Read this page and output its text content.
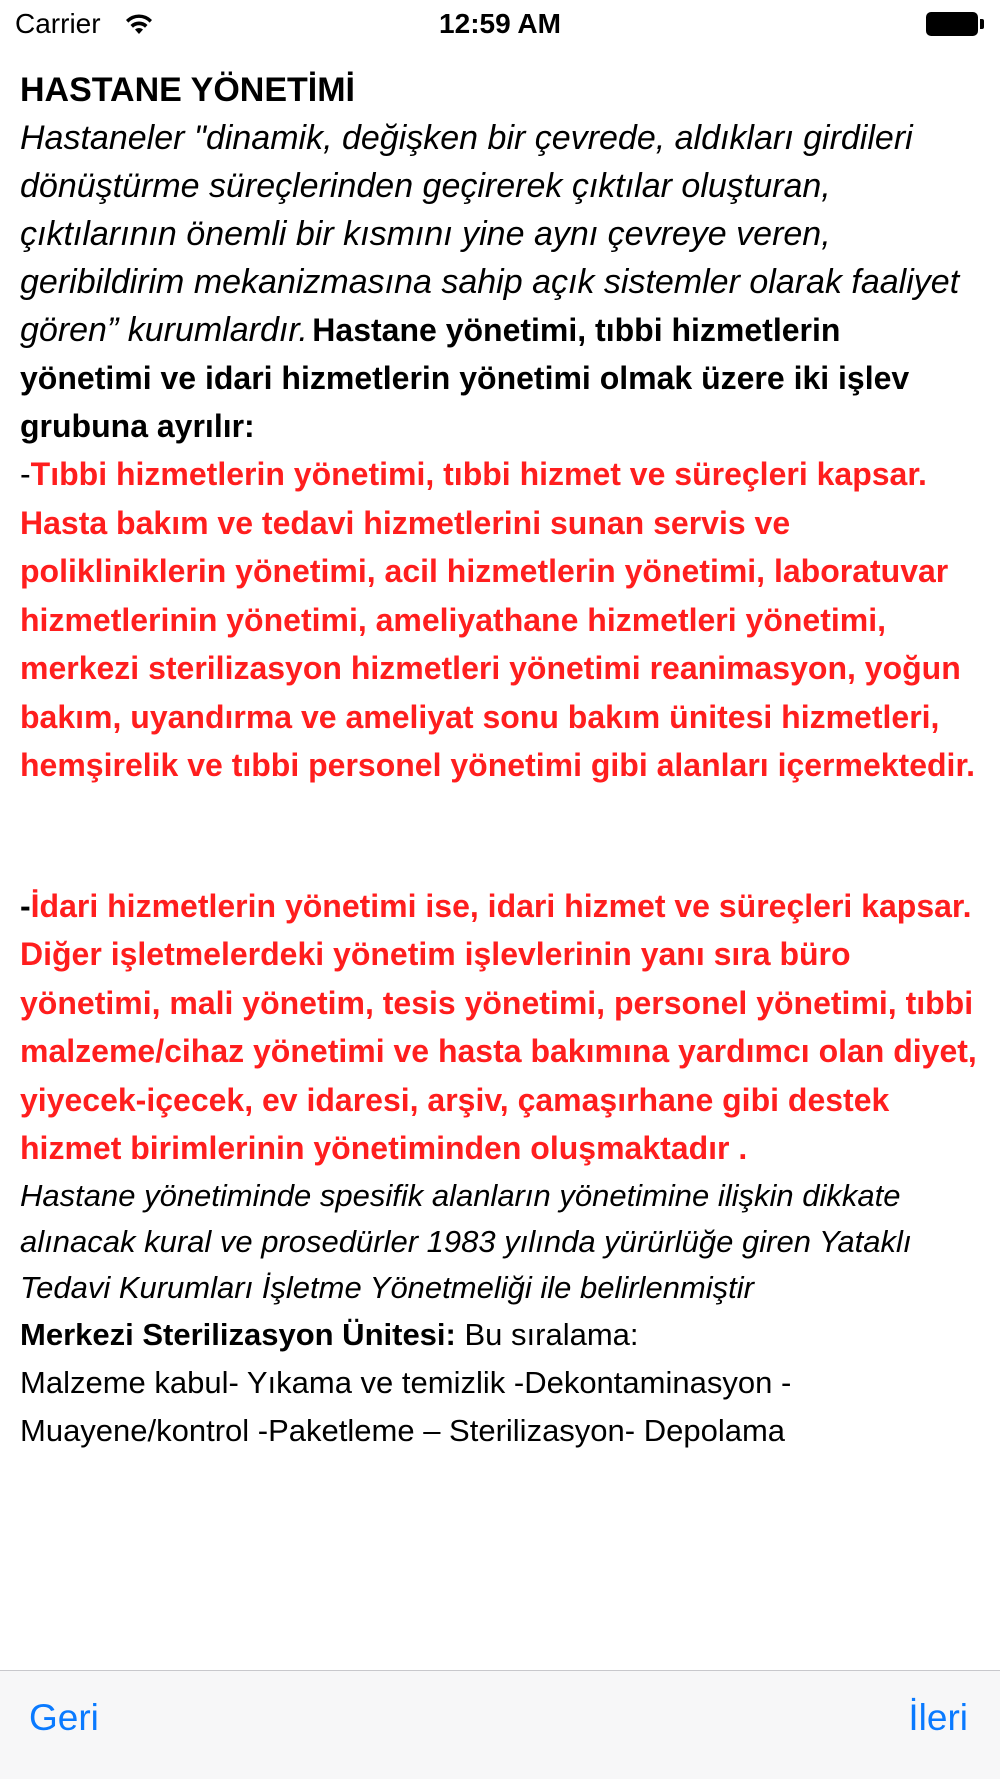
Carrier	12:59 AM

HASTANE YÖNETİMİ

Hastaneler "dinamik, değişken bir çevrede, aldıkları girdileri dönüştürme süreçlerinden geçirerek çıktılar oluşturan, çıktılarının önemli bir kısmını yine aynı çevreye veren, geribildirim mekanizmasına sahip açık sistemler olarak faaliyet gören” kurumlardır. Hastane yönetimi, tıbbi hizmetlerin yönetimi ve idari hizmetlerin yönetimi olmak üzere iki işlev grubuna ayrılır:

-Tıbbi hizmetlerin yönetimi, tıbbi hizmet ve süreçleri kapsar. Hasta bakım ve tedavi hizmetlerini sunan servis ve polikliniklerin yönetimi, acil hizmetlerin yönetimi, laboratuvar hizmetlerinin yönetimi, ameliyathane hizmetleri yönetimi, merkezi sterilizasyon hizmetleri yönetimi reanimasyon, yoğun bakım, uyandırma ve ameliyat sonu bakım ünitesi hizmetleri, hemşirelik ve tıbbi personel yönetimi gibi alanları içermektedir.

-İdari hizmetlerin yönetimi ise, idari hizmet ve süreçleri kapsar. Diğer işletmelerdeki yönetim işlevlerinin yanı sıra büro yönetimi, mali yönetim, tesis yönetimi, personel yönetimi, tıbbi malzeme/cihaz yönetimi ve hasta bakımına yardımcı olan diyet, yiyecek-içecek, ev idaresi, arşiv, çamaşırhane gibi destek hizmet birimlerinin yönetiminden oluşmaktadır .

Hastane yönetiminde spesifik alanların yönetimine ilişkin dikkate alınacak kural ve prosedürler 1983 yılında yürürlüğe giren Yataklı Tedavi Kurumları İşletme Yönetmeliği ile belirlenmiştir

Merkezi Sterilizasyon Ünitesi: Bu sıralama:

Malzeme kabul- Yıkama ve temizlik -Dekontaminasyon -Muayene/kontrol -Paketleme – Sterilizasyon- Depolama

Geri	İleri
